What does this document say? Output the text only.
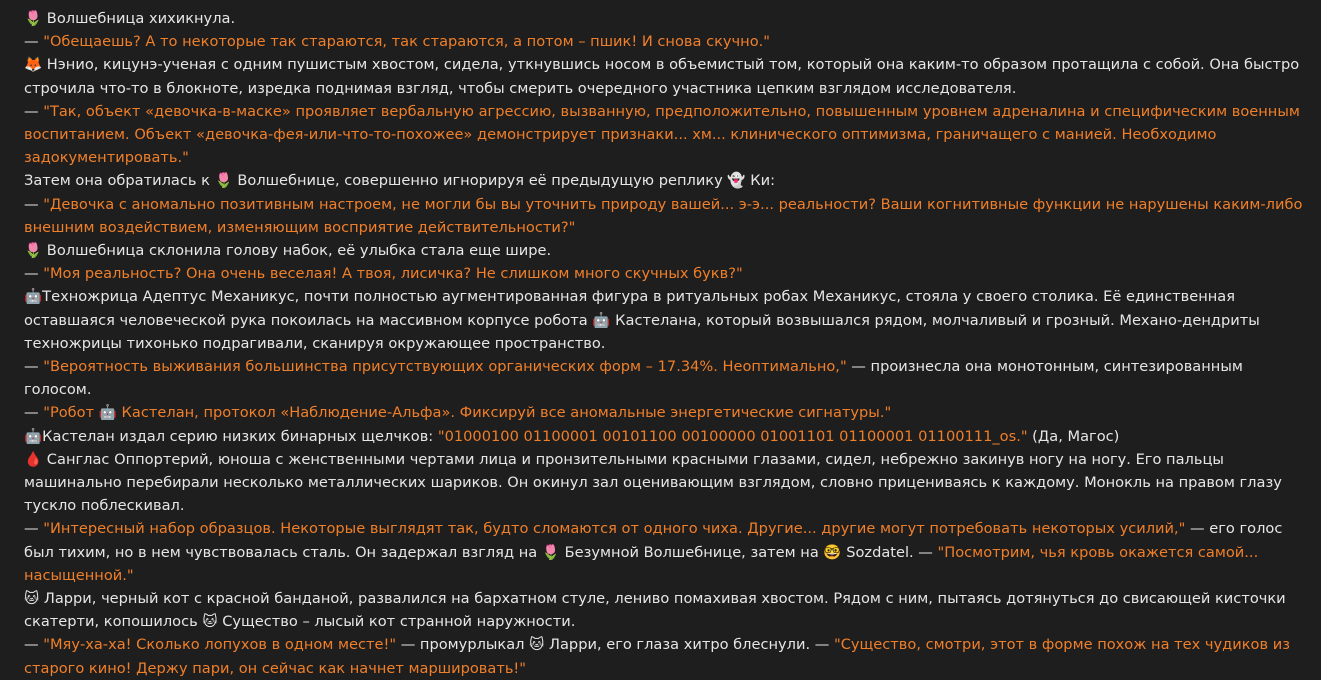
🌷 Волшебница хихикнула.

— "Обещаешь? А то некоторые так стараются, так стараются, а потом – пшик! И снова скучно."

🦊 Нэнио, кицунэ-ученая с одним пушистым хвостом, сидела, уткнувшись носом в объемистый том, который она каким-то образом протащила с собой. Она быстро строчила что-то в блокноте, изредка поднимая взгляд, чтобы смерить очередного участника цепким взглядом исследователя.

— "Так, объект «девочка-в-маске» проявляет вербальную агрессию, вызванную, предположительно, повышенным уровнем адреналина и специфическим военным воспитанием. Объект «девочка-фея-или-что-то-похожее» демонстрирует признаки... хм... клинического оптимизма, граничащего с манией. Необходимо задокументировать."

Затем она обратилась к 🌷 Волшебнице, совершенно игнорируя её предыдущую реплику 👻 Ки:

— "Девочка с аномально позитивным настроем, не могли бы вы уточнить природу вашей... э-э... реальности? Ваши когнитивные функции не нарушены каким-либо внешним воздействием, изменяющим восприятие действительности?"

🌷 Волшебница склонила голову набок, её улыбка стала еще шире.

— "Моя реальность? Она очень веселая! А твоя, лисичка? Не слишком много скучных букв?"

🤖Техножрица Адептус Механикус, почти полностью аугментированная фигура в ритуальных робах Механикус, стояла у своего столика. Её единственная оставшаяся человеческой рука покоилась на массивном корпусе робота 🤖 Кастелана, который возвышался рядом, молчаливый и грозный. Механо-дендриты техножрицы тихонько подрагивали, сканируя окружающее пространство.

— "Вероятность выживания большинства присутствующих органических форм – 17.34%. Неоптимально," — произнесла она монотонным, синтезированным голосом.

— "Робот 🤖 Кастелан, протокол «Наблюдение-Альфа». Фиксируй все аномальные энергетические сигнатуры."

🤖Кастелан издал серию низких бинарных щелчков: "01000100 01100001 00101100 00100000 01001101 01100001 01100111_os." (Да, Магос)

🩸 Санглас Оппортерий, юноша с женственными чертами лица и пронзительными красными глазами, сидел, небрежно закинув ногу на ногу. Его пальцы машинально перебирали несколько металлических шариков. Он окинул зал оценивающим взглядом, словно прицениваясь к каждому. Монокль на правом глазу тускло поблескивал.

— "Интересный набор образцов. Некоторые выглядят так, будто сломаются от одного чиха. Другие... другие могут потребовать некоторых усилий," — его голос был тихим, но в нем чувствовалась сталь. Он задержал взгляд на 🌷 Безумной Волшебнице, затем на 🤓 Sozdatel. — "Посмотрим, чья кровь окажется самой... насыщенной."

🐱 Ларри, черный кот с красной банданой, развалился на бархатном стуле, лениво помахивая хвостом. Рядом с ним, пытаясь дотянуться до свисающей кисточки скатерти, копошилось 🐱 Существо – лысый кот странной наружности.

— "Мяу-ха-ха! Сколько лопухов в одном месте!" — промурлыкал 🐱 Ларри, его глаза хитро блеснули. — "Существо, смотри, этот в форме похож на тех чудиков из старого кино! Держу пари, он сейчас как начнет маршировать!"
